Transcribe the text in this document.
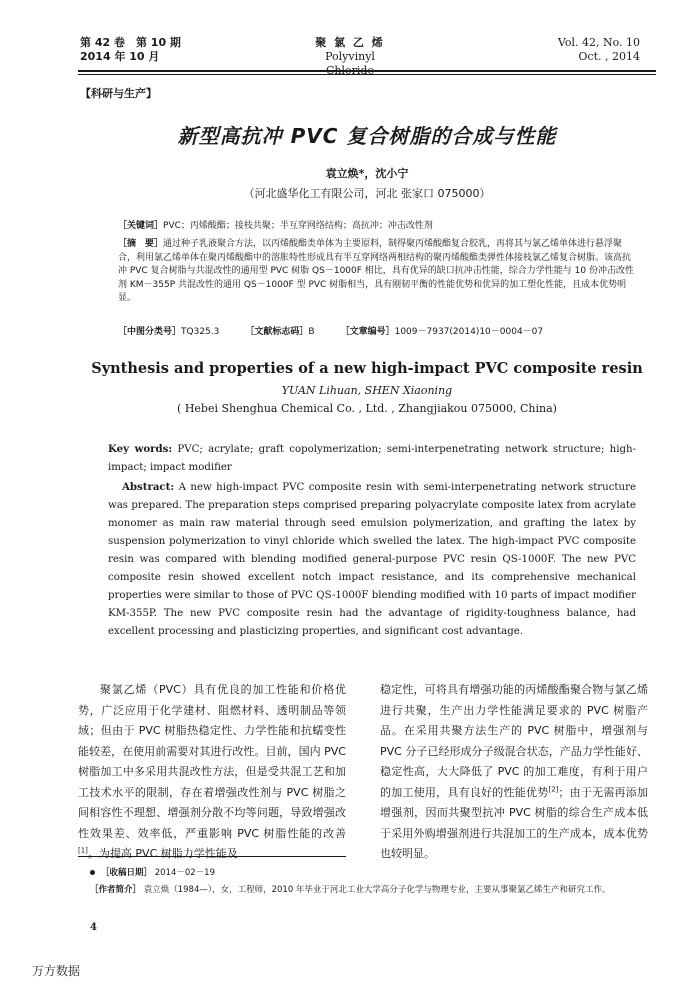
第 42 卷　第 10 期
2014 年 10 月
聚 氯 乙 烯
Polyvinyl Chloride
Vol. 42, No. 10
Oct. , 2014
【科研与生产】
新型高抗冲 PVC 复合树脂的合成与性能
袁立焕*，沈小宁
（河北盛华化工有限公司，河北 张家口 075000）
［关键词］PVC；丙烯酸酯；接枝共聚；半互穿网络结构；高抗冲；冲击改性剂
［摘　要］通过种子乳液聚合方法，以丙烯酸酯类单体为主要原料，制得聚丙烯酸酯复合胶乳，再将其与氯乙烯单体进行悬浮聚合，利用氯乙烯单体在聚丙烯酸酯中的溶胀特性形成具有半互穿网络两相结构的聚丙烯酸酯类弹性体接枝氯乙烯复合树脂。该高抗冲 PVC 复合树脂与共混改性的通用型 PVC 树脂 QS－1000F 相比，具有优异的缺口抗冲击性能，综合力学性能与 10 份冲击改性剂 KM－355P 共混改性的通用 QS－1000F 型 PVC 树脂相当，具有刚韧平衡的性能优势和优异的加工塑化性能，且成本优势明显。
［中图分类号］TQ325.3	［文献标志码］B	［文章编号］1009－7937(2014)10－0004－07
Synthesis and properties of a new high-impact PVC composite resin
YUAN Lihuan, SHEN Xiaoning
( Hebei Shenghua Chemical Co. , Ltd. , Zhangjiakou 075000, China)
Key words: PVC; acrylate; graft copolymerization; semi-interpenetrating network structure; high-impact; impact modifier
Abstract: A new high-impact PVC composite resin with semi-interpenetrating network structure was prepared. The preparation steps comprised preparing polyacrylate composite latex from acrylate monomer as main raw material through seed emulsion polymerization, and grafting the latex by suspension polymerization to vinyl chloride which swelled the latex. The high-impact PVC composite resin was compared with blending modified general-purpose PVC resin QS-1000F. The new PVC composite resin showed excellent notch impact resistance, and its comprehensive mechanical properties were similar to those of PVC QS-1000F blending modified with 10 parts of impact modifier KM-355P. The new PVC composite resin had the advantage of rigidity-toughness balance, had excellent processing and plasticizing properties, and significant cost advantage.
聚氯乙烯（PVC）具有优良的加工性能和价格优势，广泛应用于化学建材、阻燃材料、透明制品等领域；但由于 PVC 树脂热稳定性、力学性能和抗蠕变性能较差，在使用前需要对其进行改性。目前，国内 PVC 树脂加工中多采用共混改性方法，但是受共混工艺和加工技术水平的限制，存在着增强改性剂与 PVC 树脂之间相容性不理想、增强剂分散不均等问题，导致增强改性效果差、效率低，严重影响 PVC 树脂性能的改善[1]。为提高 PVC 树脂力学性能及
稳定性，可将具有增强功能的丙烯酸酯聚合物与氯乙烯进行共聚，生产出力学性能满足要求的 PVC 树脂产品。在采用共聚方法生产的 PVC 树脂中，增强剂与 PVC 分子已经形成分子级混合状态，产品力学性能好、稳定性高，大大降低了 PVC 的加工难度，有利于用户的加工使用，具有良好的性能优势[2]；由于无需再添加增强剂，因而共聚型抗冲 PVC 树脂的综合生产成本低于采用外购增强剂进行共混加工的生产成本，成本优势也较明显。
［收稿日期］ 2014－02－19
［作者简介］ 袁立焕（1984—），女，工程师，2010 年毕业于河北工业大学高分子化学与物理专业，主要从事聚氯乙烯生产和研究工作。
4
万方数据
